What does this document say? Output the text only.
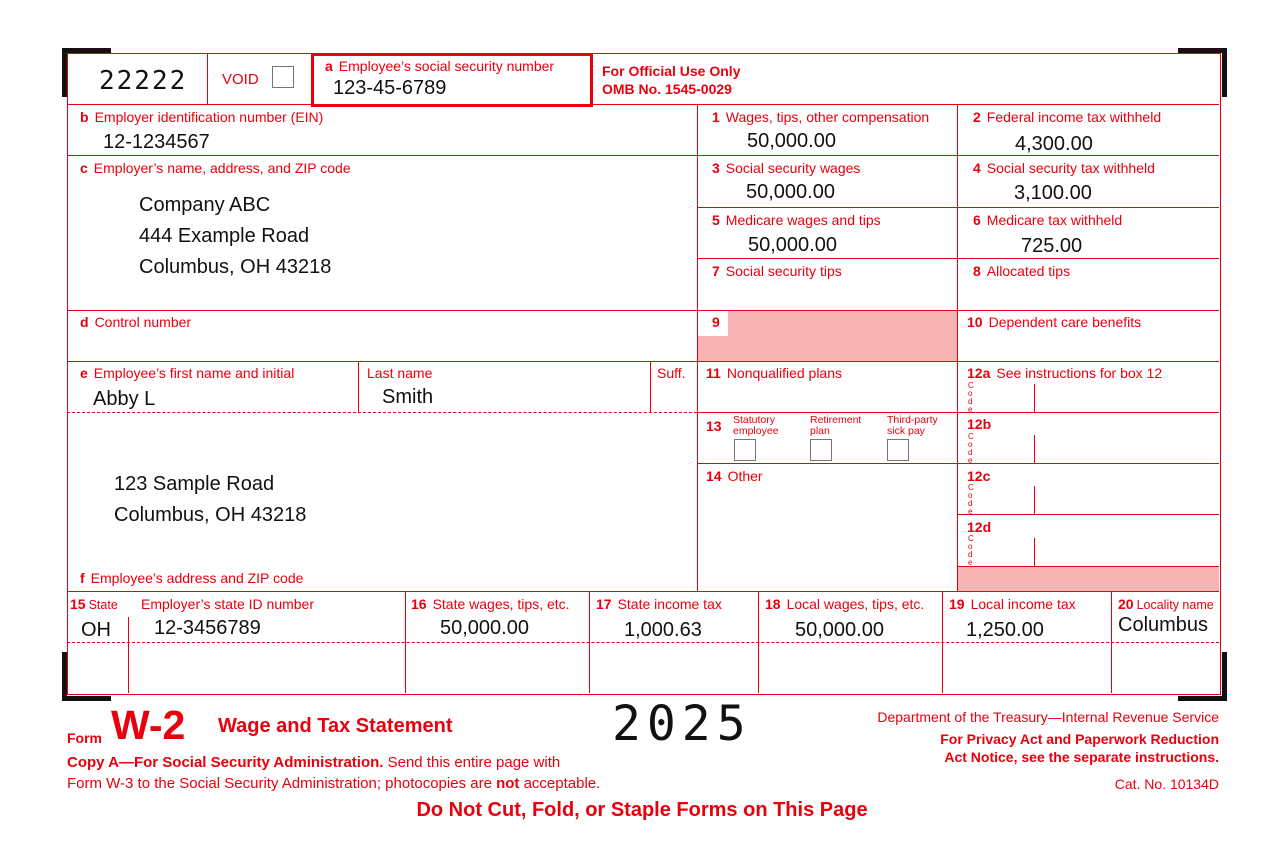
22222 VOID
a Employee’s social security number
123-45-6789
For Official Use Only
OMB No. 1545-0029
b Employer identification number (EIN)
12-1234567
c Employer’s name, address, and ZIP code
Company ABC
444 Example Road
Columbus, OH 43218
d Control number
e Employee’s first name and initial
Abby L
Last name
Smith
Suff.
123 Sample Road
Columbus, OH 43218
f Employee’s address and ZIP code
1 Wages, tips, other compensation
50,000.00
2 Federal income tax withheld
4,300.00
3 Social security wages
50,000.00
4 Social security tax withheld
3,100.00
5 Medicare wages and tips
50,000.00
6 Medicare tax withheld
725.00
7 Social security tips	8 Allocated tips
9	10 Dependent care benefits
11 Nonqualified plans	12a See instructions for box 12
C
o
d
e
12b
C
o
d
e
12c
C
o
d
e
12d
C
o
d
e
13	Statutory
employee
Retirement
plan
Third-party
sick pay
14 Other
15 State Employer’s state ID number
OH 12-3456789
16 State wages, tips, etc.
50,000.00
17 State income tax
1,000.63
18 Local wages, tips, etc.
50,000.00
19 Local income tax
1,250.00
20 Locality name
Columbus
Form W-2 Wage and Tax Statement	2025
Copy A—For Social Security Administration. Send this entire page with
Form W-3 to the Social Security Administration; photocopies are not acceptable.
Department of the Treasury—Internal Revenue Service
For Privacy Act and Paperwork Reduction
Act Notice, see the separate instructions.
Cat. No. 10134D
Do Not Cut, Fold, or Staple Forms on This Page
